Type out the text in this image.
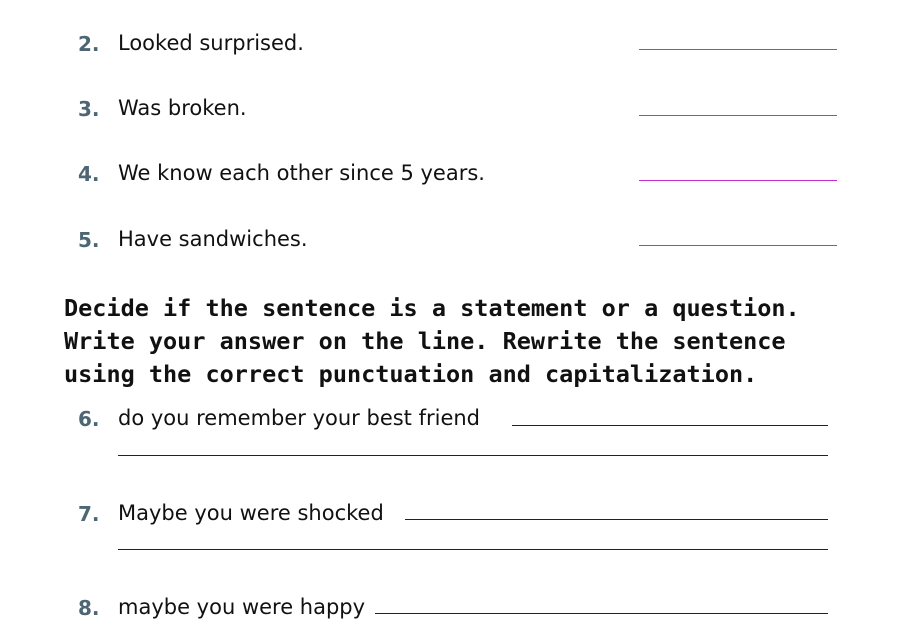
2. Looked surprised.
3. Was broken.
4. We know each other since 5 years.
5. Have sandwiches.
Decide if the sentence is a statement or a question.
Write your answer on the line. Rewrite the sentence
using the correct punctuation and capitalization.
6. do you remember your best friend
7. Maybe you were shocked
8. maybe you were happy
